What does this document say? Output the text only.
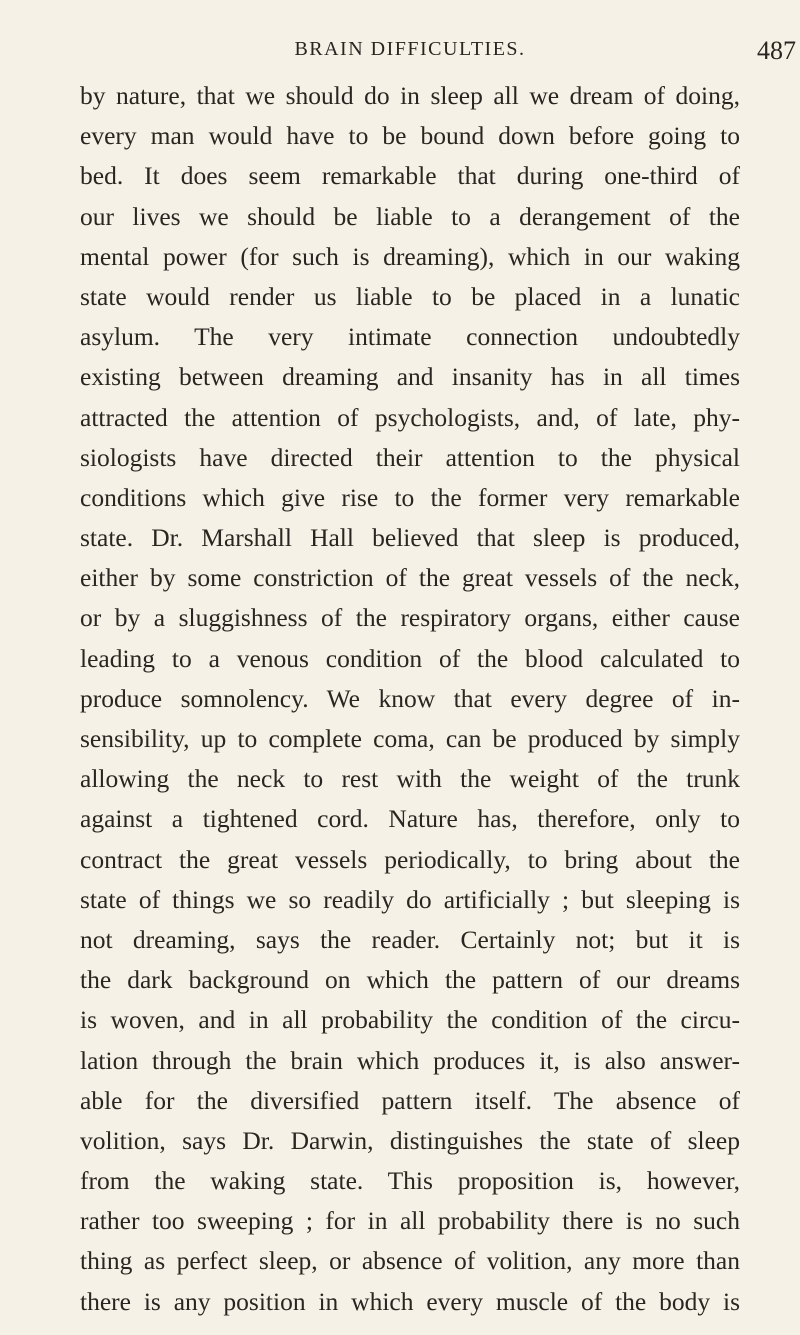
BRAIN DIFFICULTIES.	487
by nature, that we should do in sleep all we dream of doing,
every man would have to be bound down before going to
bed. It does seem remarkable that during one-third of
our lives we should be liable to a derangement of the
mental power (for such is dreaming), which in our waking
state would render us liable to be placed in a lunatic
asylum. The very intimate connection undoubtedly
existing between dreaming and insanity has in all times
attracted the attention of psychologists, and, of late, phy-
siologists have directed their attention to the physical
conditions which give rise to the former very remarkable
state. Dr. Marshall Hall believed that sleep is produced,
either by some constriction of the great vessels of the neck,
or by a sluggishness of the respiratory organs, either cause
leading to a venous condition of the blood calculated to
produce somnolency. We know that every degree of in-
sensibility, up to complete coma, can be produced by simply
allowing the neck to rest with the weight of the trunk
against a tightened cord. Nature has, therefore, only to
contract the great vessels periodically, to bring about the
state of things we so readily do artificially ; but sleeping is
not dreaming, says the reader. Certainly not; but it is
the dark background on which the pattern of our dreams
is woven, and in all probability the condition of the circu-
lation through the brain which produces it, is also answer-
able for the diversified pattern itself. The absence of
volition, says Dr. Darwin, distinguishes the state of sleep
from the waking state. This proposition is, however,
rather too sweeping ; for in all probability there is no such
thing as perfect sleep, or absence of volition, any more than
there is any position in which every muscle of the body is
